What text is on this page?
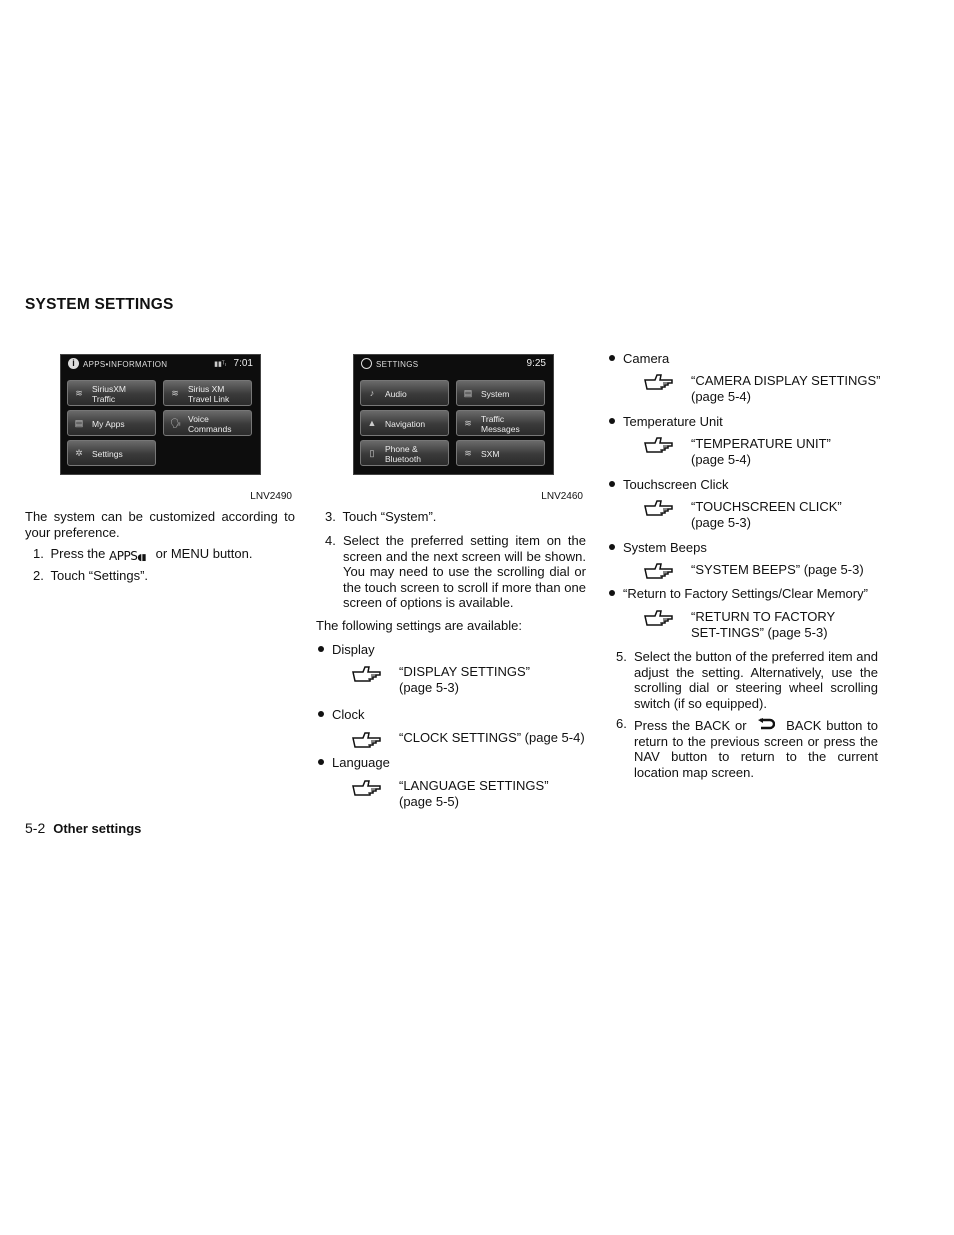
SYSTEM SETTINGS
i	APPS•INFORMATION	▮▮ᵀₗ 7:01
≋ SiriusXM
Traffic
≋ Sirius XM
Travel Link
▤ My Apps	🗣 Voice
Commands
✲ Settings
LNV2490
SETTINGS	9:25
♪	Audio	▤ System
▲ Navigation	≋ Traffic
Messages
▯ Phone &
Bluetooth
≋ SXM
LNV2460
The system can be customized according to your preference.
1. Press the APPS◖▮ or MENU button.
2. Touch “Settings”.
3. Touch “System”.
4. Select the preferred setting item on the screen and the next screen will be shown. You may need to use the scrolling dial or the touch screen to scroll if more than one screen of options is available.
The following settings are available:
Display
“DISPLAY SETTINGS” (page 5-3)
Clock
“CLOCK SETTINGS” (page 5-4)
Language
“LANGUAGE SETTINGS” (page 5-5)
Camera
“CAMERA DISPLAY SETTINGS” (page 5-4)
Temperature Unit
“TEMPERATURE UNIT” (page 5-4)
Touchscreen Click
“TOUCHSCREEN CLICK” (page 5-3)
System Beeps
“SYSTEM BEEPS” (page 5-3)
“Return to Factory Settings/Clear Memory”
“RETURN TO FACTORY SET-TINGS” (page 5-3)
5. Select the button of the preferred item and adjust the setting. Alternatively, use the scrolling dial or steering wheel scrolling switch (if so equipped).
6. Press the BACK or	BACK button to return to the previous screen or press the NAV button to return to the current location map screen.
5-2 Other settings
